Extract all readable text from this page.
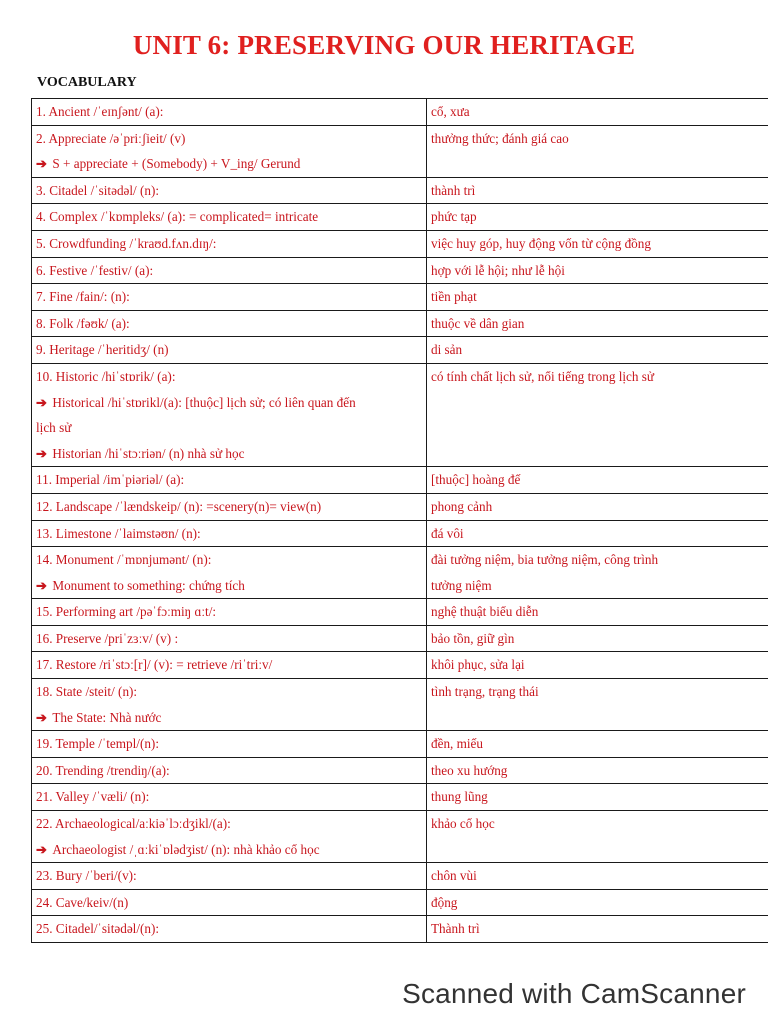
UNIT 6: PRESERVING OUR HERITAGE
VOCABULARY
1. Ancient /ˈeɪnʃənt/ (a):	cổ, xưa

2. Appreciate /əˈpriːʃieit/ (v)
➔ S + appreciate + (Somebody) + V_ing/ Gerund	thưởng thức; đánh giá cao

3. Citadel /ˈsitədəl/ (n):	thành trì

4. Complex /ˈkɒmpleks/ (a): = complicated= intricate	phức tạp

5. Crowdfunding /ˈkraʊd.fʌn.dɪŋ/:	việc huy góp, huy động vốn từ cộng đồng

6. Festive /ˈfestiv/ (a):	hợp với lễ hội; như lễ hội

7. Fine /fain/: (n):	tiền phạt

8. Folk /fəʊk/ (a):	thuộc về dân gian

9. Heritage /ˈheritidʒ/ (n)	di sản

10. Historic /hiˈstɒrik/ (a):
➔ Historical /hiˈstɒrikl/(a): [thuộc] lịch sử; có liên quan đến
lịch sử
➔ Historian /hiˈstɔːriən/ (n) nhà sử học	có tính chất lịch sử, nổi tiếng trong lịch sử

11. Imperial /imˈpiəriəl/ (a):	[thuộc] hoàng đế

12. Landscape /ˈlændskeip/ (n): =scenery(n)= view(n)	phong cảnh

13. Limestone /ˈlaimstəʊn/ (n):	đá vôi

14. Monument /ˈmɒnjumənt/ (n):
➔ Monument to something: chứng tích	đài tưởng niệm, bia tưởng niệm, công trình
tưởng niệm

15. Performing art /pəˈfɔːmiŋ ɑːt/:	nghệ thuật biểu diễn

16. Preserve /priˈzɜːv/ (v) :	bảo tồn, giữ gìn

17. Restore /riˈstɔː[r]/ (v): = retrieve /riˈtriːv/	khôi phục, sửa lại

18. State /steit/ (n):
➔ The State: Nhà nước	tình trạng, trạng thái

19. Temple /ˈtempl/(n):	đền, miếu

20. Trending /trendiŋ/(a):	theo xu hướng

21. Valley /ˈvæli/ (n):	thung lũng

22. Archaeological/aːkiəˈlɔːdʒikl/(a):
➔ Archaeologist /ˌɑːkiˈɒlədʒist/ (n): nhà khảo cổ học	khảo cổ học

23. Bury /ˈberi/(v):	chôn vùi

24. Cave/keiv/(n)	động

25. Citadel/ˈsitədəl/(n):	Thành trì
Scanned with CamScanner
